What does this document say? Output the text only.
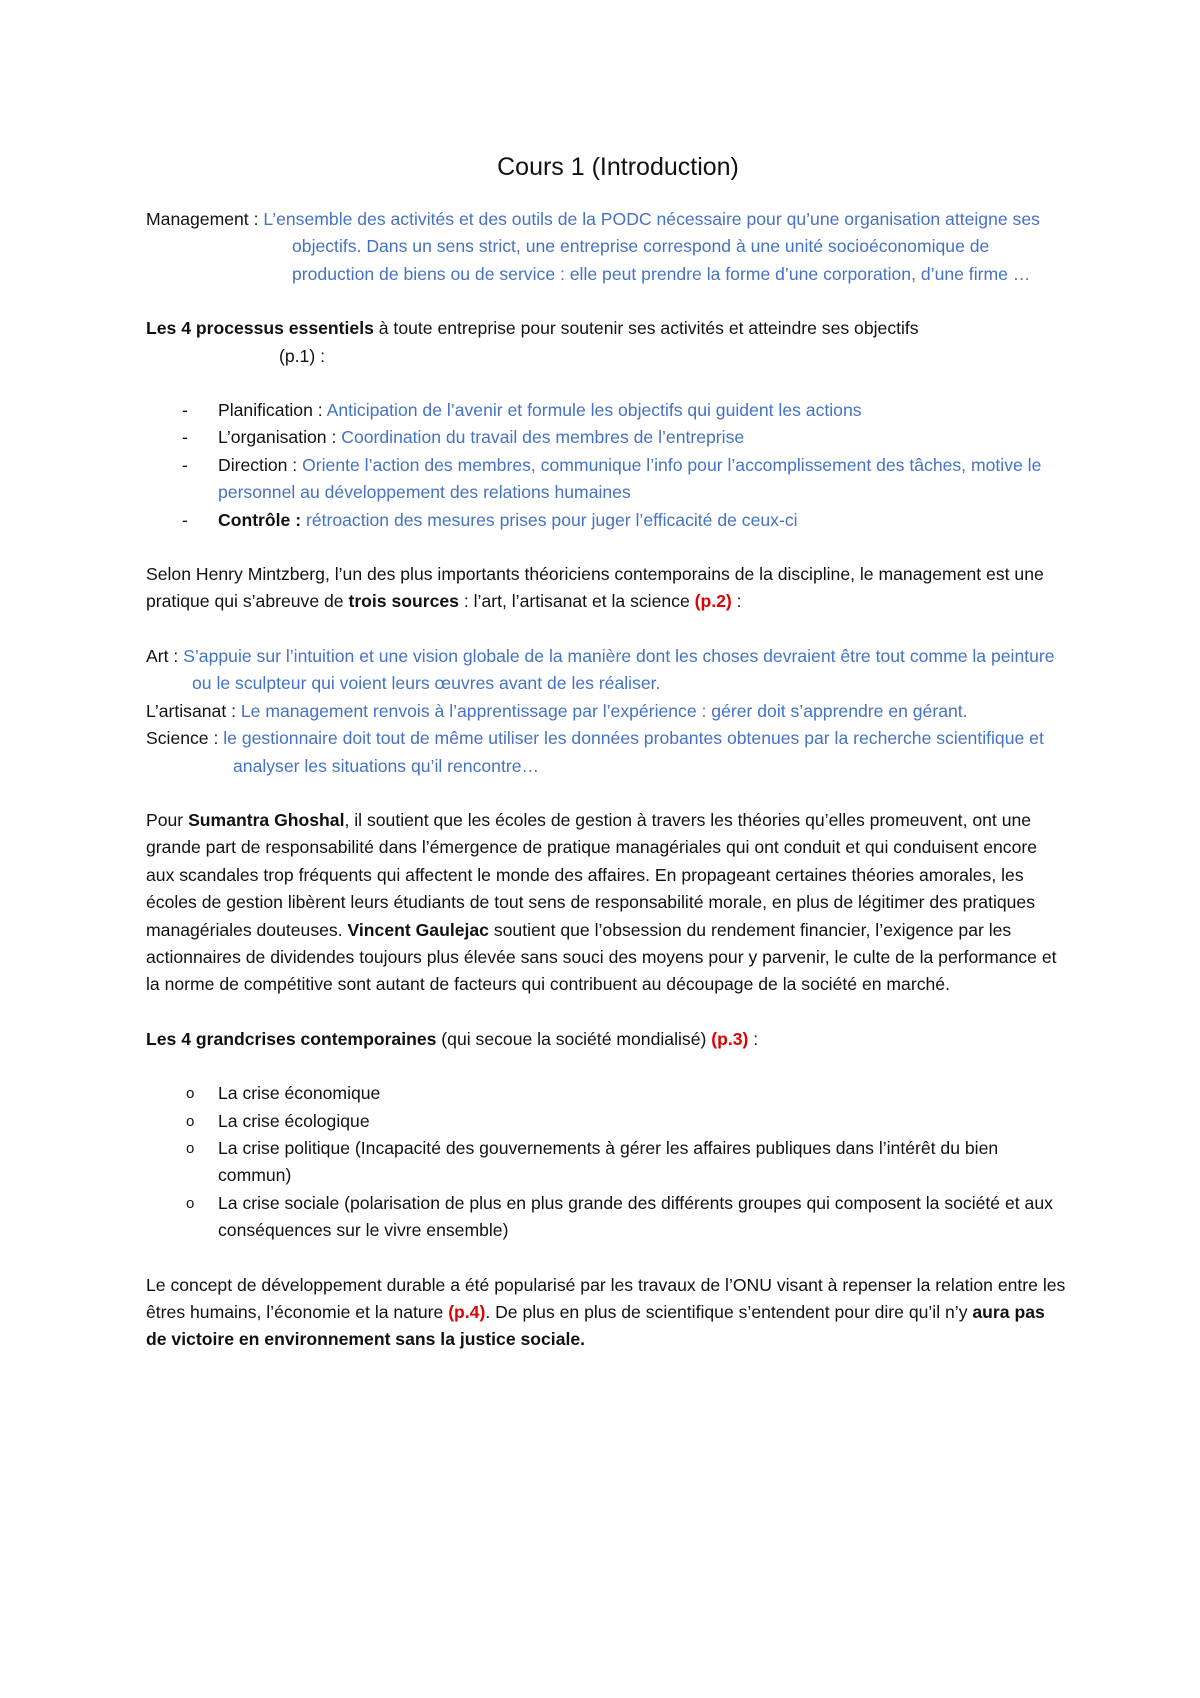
Cours 1 (Introduction)

Management : L’ensemble des activités et des outils de la PODC nécessaire pour qu’une organisation atteigne ses objectifs. Dans un sens strict, une entreprise correspond à une unité socioéconomique de production de biens ou de service : elle peut prendre la forme d’une corporation, d’une firme …

Les 4 processus essentiels à toute entreprise pour soutenir ses activités et atteindre ses objectifs

(p.1) :

- Planification : Anticipation de l’avenir et formule les objectifs qui guident les actions
- L’organisation : Coordination du travail des membres de l’entreprise
- Direction : Oriente l’action des membres, communique l’info pour l’accomplissement des tâches, motive le personnel au développement des relations humaines
- Contrôle : rétroaction des mesures prises pour juger l’efficacité de ceux-ci

Selon Henry Mintzberg, l’un des plus importants théoriciens contemporains de la discipline, le management est une pratique qui s’abreuve de trois sources : l’art, l’artisanat et la science (p.2) :

Art : S’appuie sur l’intuition et une vision globale de la manière dont les choses devraient être tout comme la peinture ou le sculpteur qui voient leurs œuvres avant de les réaliser.

L’artisanat : Le management renvois à l’apprentissage par l’expérience : gérer doit s’apprendre en gérant.

Science : le gestionnaire doit tout de même utiliser les données probantes obtenues par la recherche scientifique et analyser les situations qu’il rencontre…

Pour Sumantra Ghoshal, il soutient que les écoles de gestion à travers les théories qu’elles promeuvent, ont une grande part de responsabilité dans l’émergence de pratique managériales qui ont conduit et qui conduisent encore aux scandales trop fréquents qui affectent le monde des affaires. En propageant certaines théories amorales, les écoles de gestion libèrent leurs étudiants de tout sens de responsabilité morale, en plus de légitimer des pratiques managériales douteuses. Vincent Gaulejac soutient que l’obsession du rendement financier, l’exigence par les actionnaires de dividendes toujours plus élevée sans souci des moyens pour y parvenir, le culte de la performance et la norme de compétitive sont autant de facteurs qui contribuent au découpage de la société en marché.

Les 4 grandcrises contemporaines (qui secoue la société mondialisé) (p.3) :

o La crise économique
o La crise écologique
o La crise politique (Incapacité des gouvernements à gérer les affaires publiques dans l’intérêt du bien commun)
o La crise sociale (polarisation de plus en plus grande des différents groupes qui composent la société et aux conséquences sur le vivre ensemble)

Le concept de développement durable a été popularisé par les travaux de l’ONU visant à repenser la relation entre les êtres humains, l’économie et la nature (p.4). De plus en plus de scientifique s’entendent pour dire qu’il n’y aura pas de victoire en environnement sans la justice sociale.
